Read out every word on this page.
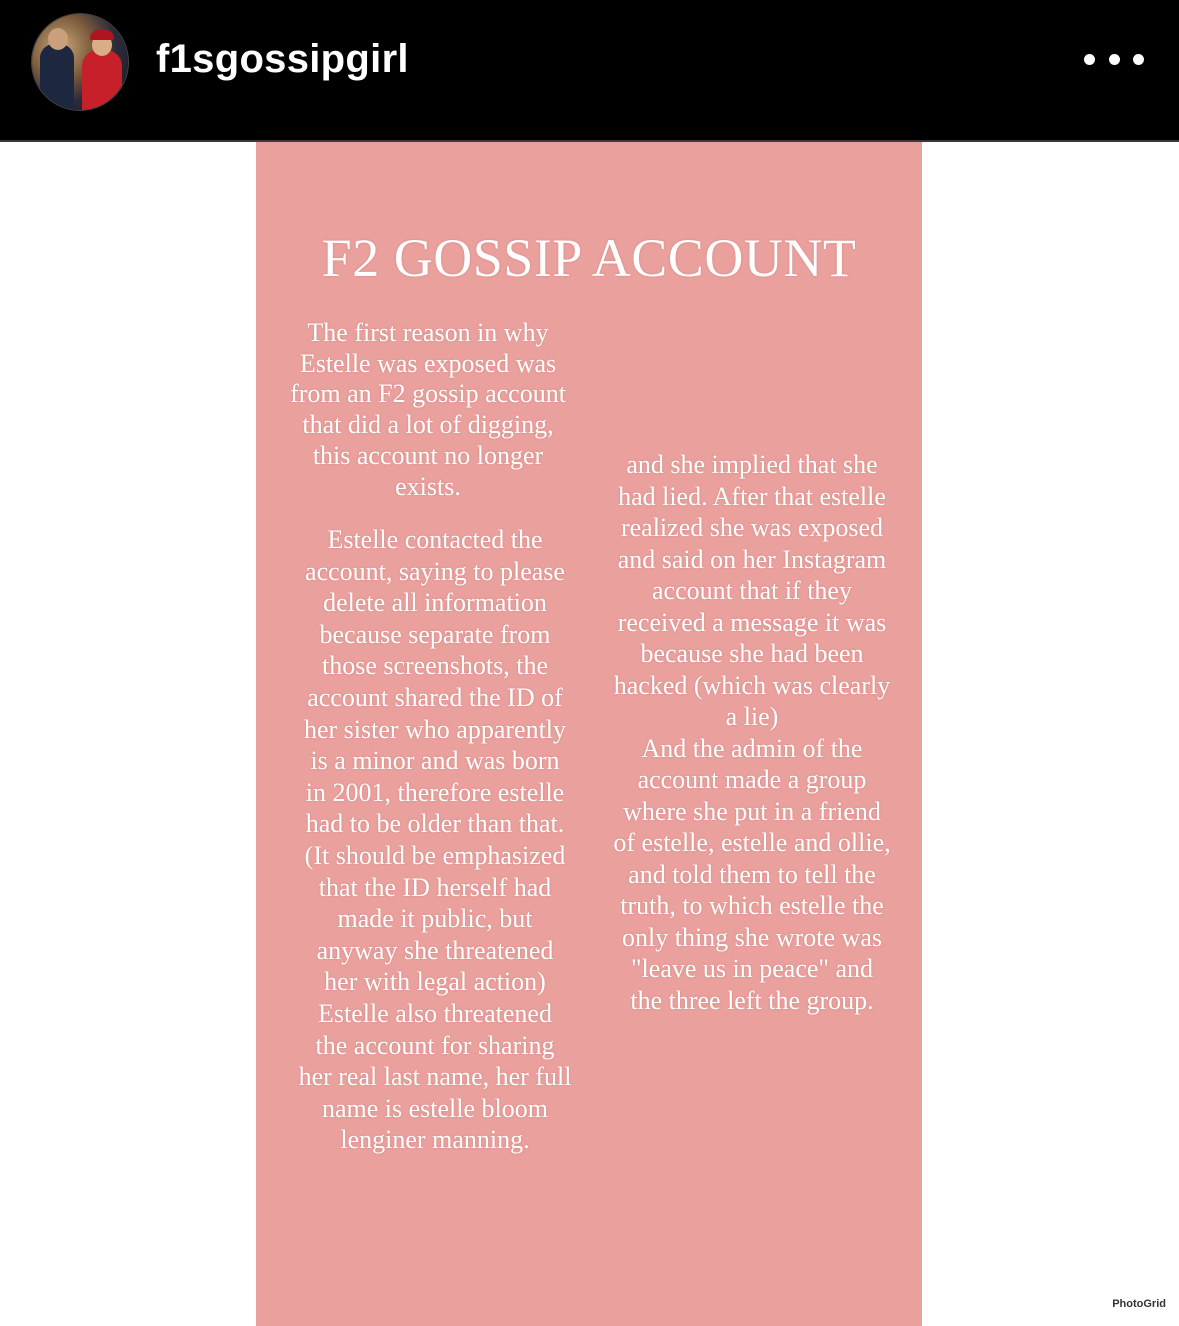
f1sgossipgirl
F2 GOSSIP ACCOUNT
The first reason in why
Estelle was exposed was
from an F2 gossip account
that did a lot of digging,
this account no longer
exists.
Estelle contacted the
account, saying to please
delete all information
because separate from
those screenshots, the
account shared the ID of
her sister who apparently
is a minor and was born
in 2001, therefore estelle
had to be older than that.
(It should be emphasized
that the ID herself had
made it public, but
anyway she threatened
her with legal action)
Estelle also threatened
the account for sharing
her real last name, her full
name is estelle bloom
lenginer manning.
and she implied that she
had lied. After that estelle
realized she was exposed
and said on her Instagram
account that if they
received a message it was
because she had been
hacked (which was clearly
a lie)
And the admin of the
account made a group
where she put in a friend
of estelle, estelle and ollie,
and told them to tell the
truth, to which estelle the
only thing she wrote was
"leave us in peace" and
the three left the group.
PhotoGrid
